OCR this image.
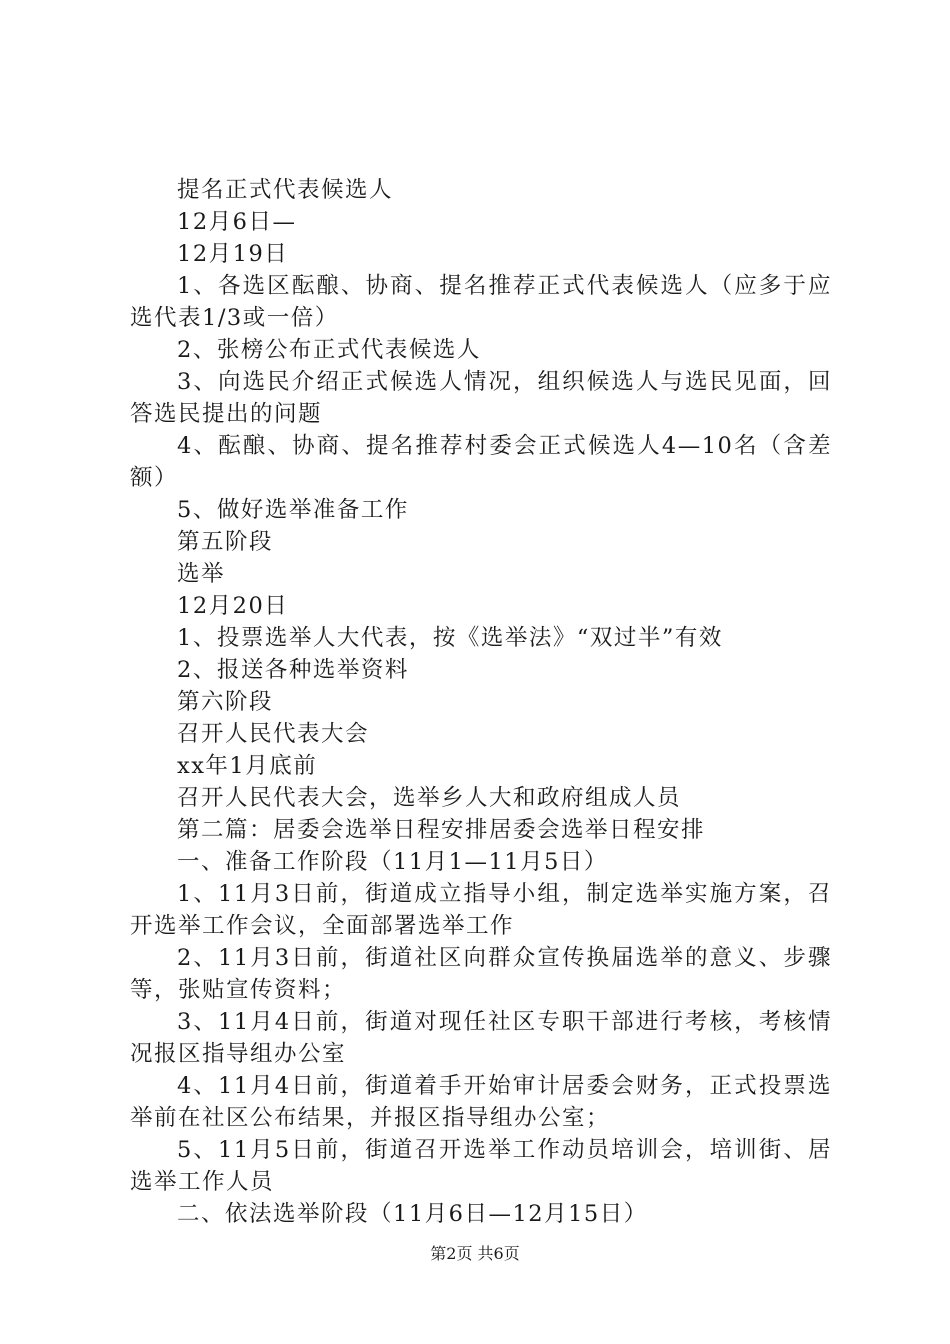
提名正式代表候选人

12月6日—

12月19日

1、各选区酝酿、协商、提名推荐正式代表候选人（应多于应选代表1/3或一倍）

2、张榜公布正式代表候选人

3、向选民介绍正式候选人情况，组织候选人与选民见面，回答选民提出的问题

4、酝酿、协商、提名推荐村委会正式候选人4—10名（含差额）

5、做好选举准备工作

第五阶段

选举

12月20日

1、投票选举人大代表，按《选举法》“双过半”有效

2、报送各种选举资料

第六阶段

召开人民代表大会

xx年1月底前

召开人民代表大会，选举乡人大和政府组成人员

第二篇：居委会选举日程安排居委会选举日程安排

一、准备工作阶段（11月1—11月5日）

1、11月3日前，街道成立指导小组，制定选举实施方案，召开选举工作会议，全面部署选举工作

2、11月3日前，街道社区向群众宣传换届选举的意义、步骤等，张贴宣传资料；

3、11月4日前，街道对现任社区专职干部进行考核，考核情况报区指导组办公室

4、11月4日前，街道着手开始审计居委会财务，正式投票选举前在社区公布结果，并报区指导组办公室；

5、11月5日前，街道召开选举工作动员培训会，培训街、居选举工作人员

二、依法选举阶段（11月6日—12月15日）

第2页 共6页
